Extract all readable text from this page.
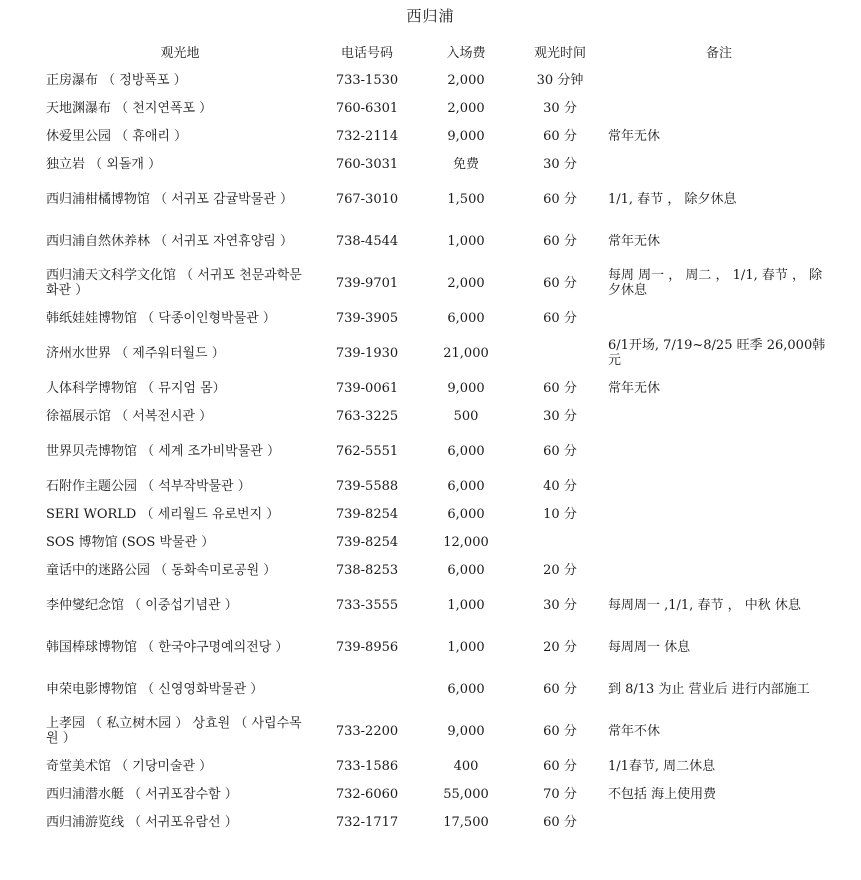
西归浦
观光地	电话号码	入场费	观光时间	备注
正房瀑布 （ 정방폭포 ）	733-1530	2,000	30 分钟	
天地渊瀑布 （ 천지연폭포 ）	760-6301	2,000	30 分	
休爱里公园 （ 휴애리 ）	732-2114	9,000	60 分	常年无休
独立岩 （ 외돌개 ）	760-3031	免费	30 分	
西归浦柑橘博物馆 （ 서귀포 감귤박물관 ）	767-3010	1,500	60 分	1/1, 春节 ， 除夕休息
西归浦自然休养林 （ 서귀포 자연휴양림 ）	738-4544	1,000	60 分	常年无休
西归浦天文科学文化馆 （ 서귀포 천문과학문화관 ）	739-9701	2,000	60 分	每周 周一 ， 周二 ， 1/1, 春节 ， 除夕休息
韩纸娃娃博物馆 （ 닥종이인형박물관 ）	739-3905	6,000	60 分	
济州水世界 （ 제주워터월드 ）	739-1930	21,000		6/1开场, 7/19~8/25 旺季 26,000韩元
人体科学博物馆 （ 뮤지엄 몸）	739-0061	9,000	60 分	常年无休
徐福展示馆 （ 서복전시관 ）	763-3225	500	30 分	
世界贝壳博物馆 （ 세계 조가비박물관 ）	762-5551	6,000	60 分	
石附作主题公园 （ 석부작박물관 ）	739-5588	6,000	40 分	
SERI WORLD （ 세리월드 유로번지 ）	739-8254	6,000	10 分	
SOS 博物馆 (SOS 박물관 ）	739-8254	12,000		
童话中的迷路公园 （ 동화속미로공원 ）	738-8253	6,000	20 分	
李仲燮纪念馆 （ 이중섭기념관 ）	733-3555	1,000	30 分	每周周一 ,1/1, 春节 ， 中秋 休息
韩国棒球博物馆 （ 한국야구명예의전당 ）	739-8956	1,000	20 分	每周周一 休息
申荣电影博物馆 （ 신영영화박물관 ）		6,000	60 分	到 8/13 为止 营业后 进行内部施工
上孝园 （ 私立树木园 ） 상효원 （ 사립수목원 ）	733-2200	9,000	60 分	常年不休
奇堂美术馆 （ 기당미술관 ）	733-1586	400	60 分	1/1春节, 周二休息
西归浦潜水艇 （ 서귀포잠수함 ）	732-6060	55,000	70 分	不包括 海上使用费
西归浦游览线 （ 서귀포유람선 ）	732-1717	17,500	60 分	
